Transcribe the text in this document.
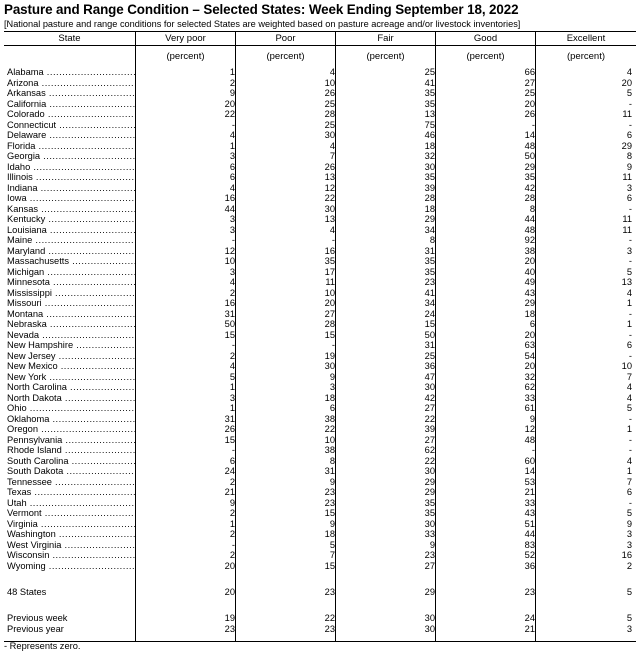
Pasture and Range Condition – Selected States: Week Ending September 18, 2022
[National pasture and range conditions for selected States are weighted based on pasture acreage and/or livestock inventories]
State	Very poor	Poor	Fair	Good	Excellent
(percent)	(percent)	(percent)	(percent)	(percent)
Alabama .....	1	4	25	66	4
Arizona .....	2	10	41	27	20
Arkansas .....	9	26	35	25	5
California .....	20	25	35	20	-
Colorado .....	22	28	13	26	11
Connecticut .....	-	25	75	-	-
Delaware .....	4	30	46	14	6
Florida .....	1	4	18	48	29
Georgia .....	3	7	32	50	8
Idaho .....	6	26	30	29	9
Illinois .....	6	13	35	35	11
Indiana .....	4	12	39	42	3
Iowa .....	16	22	28	28	6
Kansas .....	44	30	18	8	-
Kentucky .....	3	13	29	44	11
Louisiana .....	3	4	34	48	11
Maine .....	-	-	8	92	-
Maryland .....	12	16	31	38	3
Massachusetts .....	10	35	35	20	-
Michigan .....	3	17	35	40	5
Minnesota .....	4	11	23	49	13
Mississippi .....	2	10	41	43	4
Missouri .....	16	20	34	29	1
Montana .....	31	27	24	18	-
Nebraska .....	50	28	15	6	1
Nevada .....	15	15	50	20	-
New Hampshire .....	-	-	31	63	6
New Jersey .....	2	19	25	54	-
New Mexico .....	4	30	36	20	10
New York .....	5	9	47	32	7
North Carolina .....	1	3	30	62	4
North Dakota .....	3	18	42	33	4
Ohio .....	1	6	27	61	5
Oklahoma .....	31	38	22	9	-
Oregon .....	26	22	39	12	1
Pennsylvania .....	15	10	27	48	-
Rhode Island .....	-	38	62	-	-
South Carolina .....	6	8	22	60	4
South Dakota .....	24	31	30	14	1
Tennessee .....	2	9	29	53	7
Texas .....	21	23	29	21	6
Utah .....	9	23	35	33	-
Vermont .....	2	15	35	43	5
Virginia .....	1	9	30	51	9
Washington .....	2	18	33	44	3
West Virginia .....	-	5	9	83	3
Wisconsin .....	2	7	23	52	16
Wyoming .....	20	15	27	36	2
48 States	20	23	29	23	5
Previous week	19	22	30	24	5
Previous year	23	23	30	21	3
- Represents zero.
